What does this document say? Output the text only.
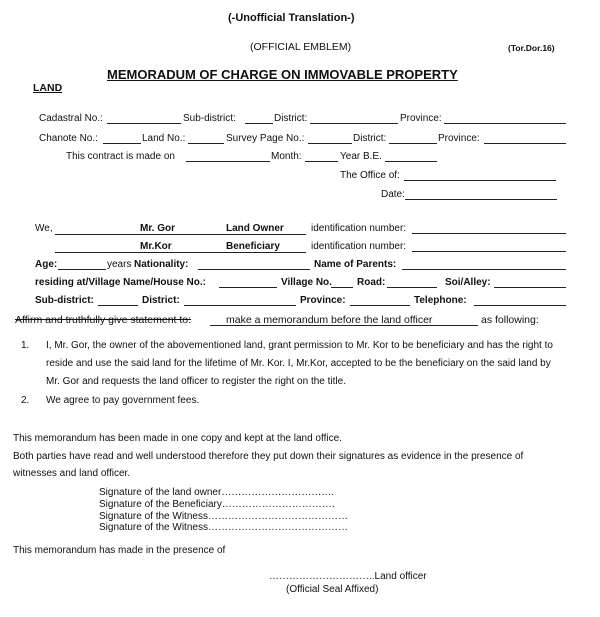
(-Unofficial Translation-)
(OFFICIAL EMBLEM)	(Tor.Dor.16)
MEMORADUM OF CHARGE ON IMMOVABLE PROPERTY
LAND
Cadastral No.:	Sub-district:	District:	Province:
Chanote No.:	Land No.:	Survey Page No.:	District:	Province:
This contract is made on	Month:	Year B.E.
The Office of:
Date:
We,	Mr. Gor	Land Owner	identification number:
Mr.Kor	Beneficiary	identification number:
Age:	years Nationality:	Name of Parents:
residing at/Village Name/House No.:	Village No.	Road:	Soi/Alley:
Sub-district:	District:	Province:	Telephone:
Affirm and truthfully give statement to:	make a memorandum before the land officer	as following:
1. I, Mr. Gor, the owner of the abovementioned land, grant permission to Mr. Kor to be beneficiary and has the right to
reside and use the said land for the lifetime of Mr. Kor. I, Mr.Kor, accepted to be the beneficiary on the said land by
Mr. Gor and requests the land officer to register the right on the title.
2. We agree to pay government fees.
This memorandum has been made in one copy and kept at the land office.
Both parties have read and well understood therefore they put down their signatures as evidence in the presence of
witnesses and land officer.
Signature of the land owner…………………………….
Signature of the Beneficiary…………………………….
Signature of the Witness……………………………………
Signature of the Witness……………………………………
This memorandum has made in the presence of
…………………………..Land officer
(Official Seal Affixed)
